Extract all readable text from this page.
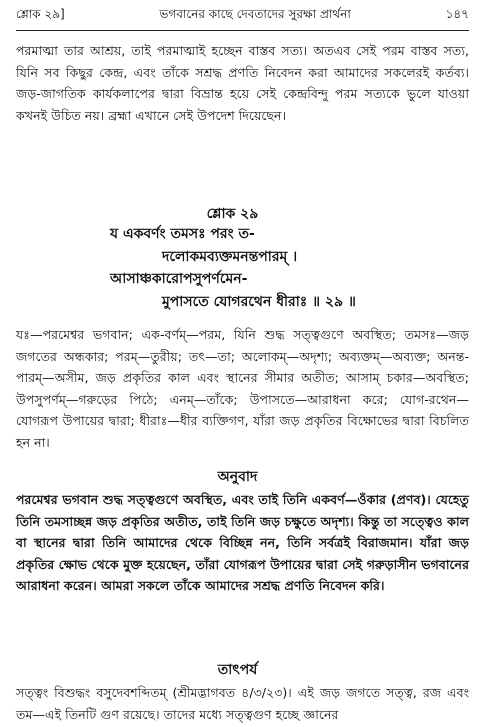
শ্লোক ২৯]	ভগবানের কাছে দেবতাদের সুরক্ষা প্রার্থনা	১৪৭
পরমাত্মা তার আশ্রয়, তাই পরমাত্মাই হচ্ছেন বাস্তব সত্য। অতএব সেই পরম বাস্তব সত্য, যিনি সব কিছুর কেন্দ্র, এবং তাঁকে সশ্রদ্ধ প্রণতি নিবেদন করা আমাদের সকলেরই কর্তব্য। জড়-জাগতিক কার্যকলাপের দ্বারা বিভ্রান্ত হয়ে সেই কেন্দ্রবিন্দু পরম সত্যকে ভুলে যাওয়া কখনই উচিত নয়। ব্রহ্মা এখানে সেই উপদেশ দিয়েছেন।
শ্লোক ২৯
য একবর্ণং তমসঃ পরং ত-
দলোকমব্যক্তমনন্তপারম্ ।
আসাঞ্চকারোপসুপর্ণমেন-
মুপাসতে যোগরথেন ধীরাঃ ॥ ২৯ ॥
যঃ—পরমেশ্বর ভগবান; এক-বর্ণম্—পরম, যিনি শুদ্ধ সত্ত্বগুণে অবস্থিত; তমসঃ—জড় জগতের অন্ধকার; পরম্—তুরীয়; তৎ—তা; অলোকম্—অদৃশ্য; অব্যক্তম্—অব্যক্ত; অনন্ত-পারম্—অসীম, জড় প্রকৃতির কাল এবং স্থানের সীমার অতীত; আসাম্ চকার—অবস্থিত; উপসুপর্ণম্—গরুড়ের পিঠে; এনম্—তাঁকে; উপাসতে—আরাধনা করে; যোগ-রথেন—যোগরূপ উপায়ের দ্বারা; ধীরাঃ—ধীর ব্যক্তিগণ, যাঁরা জড় প্রকৃতির বিক্ষোভের দ্বারা বিচলিত হন না।
অনুবাদ
পরমেশ্বর ভগবান শুদ্ধ সত্ত্বগুণে অবস্থিত, এবং তাই তিনি একবর্ণ—ওঁকার (প্রণব)। যেহেতু তিনি তমসাচ্ছন্ন জড় প্রকৃতির অতীত, তাই তিনি জড় চক্ষুতে অদৃশ্য। কিন্তু তা সত্ত্বেও কাল বা স্থানের দ্বারা তিনি আমাদের থেকে বিচ্ছিন্ন নন, তিনি সর্বত্রই বিরাজমান। যাঁরা জড় প্রকৃতির ক্ষোভ থেকে মুক্ত হয়েছেন, তাঁরা যোগরূপ উপায়ের দ্বারা সেই গরুড়াসীন ভগবানের আরাধনা করেন। আমরা সকলে তাঁকে আমাদের সশ্রদ্ধ প্রণতি নিবেদন করি।
তাৎপর্য
সত্ত্বং বিশুদ্ধং বসুদেবশব্দিতম্ (শ্রীমদ্ভাগবত ৪/৩/২৩)। এই জড় জগতে সত্ত্ব, রজ এবং তম—এই তিনটি গুণ রয়েছে। তাদের মধ্যে সত্ত্বগুণ হচ্ছে জ্ঞানের
